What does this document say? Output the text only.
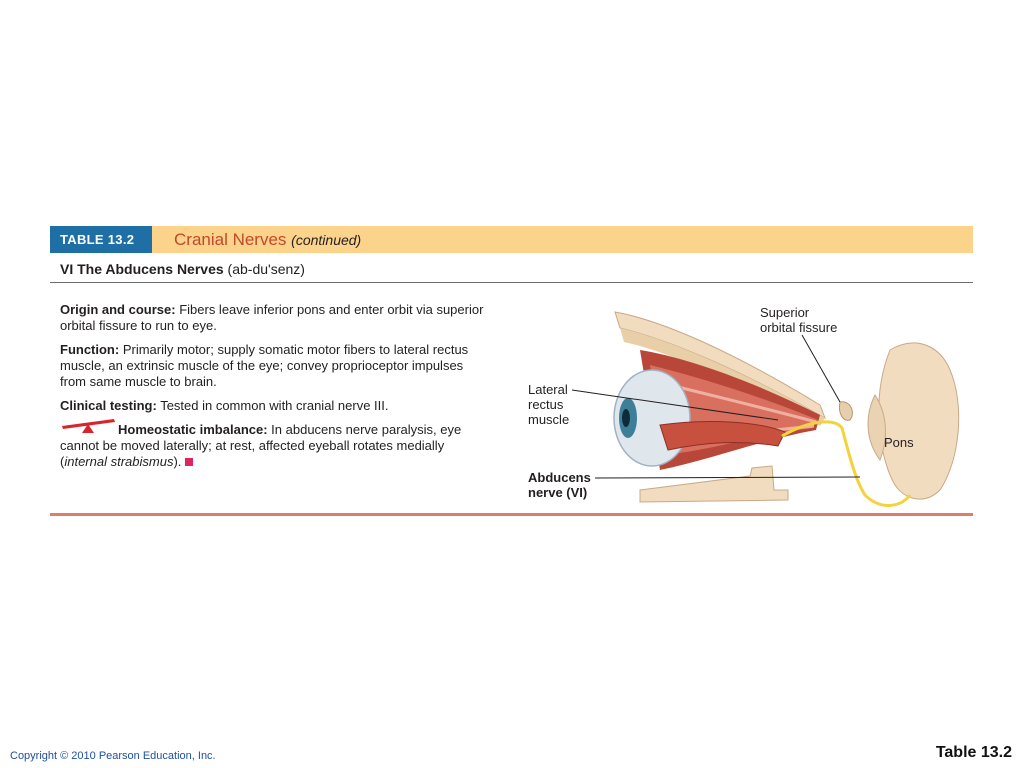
TABLE 13.2	Cranial Nerves (continued)
VI The Abducens Nerves (ab-du'senz)

Origin and course: Fibers leave inferior pons and enter orbit via superior orbital fissure to run to eye.

Function: Primarily motor; supply somatic motor fibers to lateral rectus muscle, an extrinsic muscle of the eye; convey proprioceptor impulses from same muscle to brain.

Clinical testing: Tested in common with cranial nerve III.

Homeostatic imbalance: In abducens nerve paralysis, eye cannot be moved laterally; at rest, affected eyeball rotates medially (internal strabismus).

Superior
orbital fissure
Lateral
rectus
muscle
Pons
Abducens
nerve (VI)
Copyright © 2010 Pearson Education, Inc.	Table 13.2
